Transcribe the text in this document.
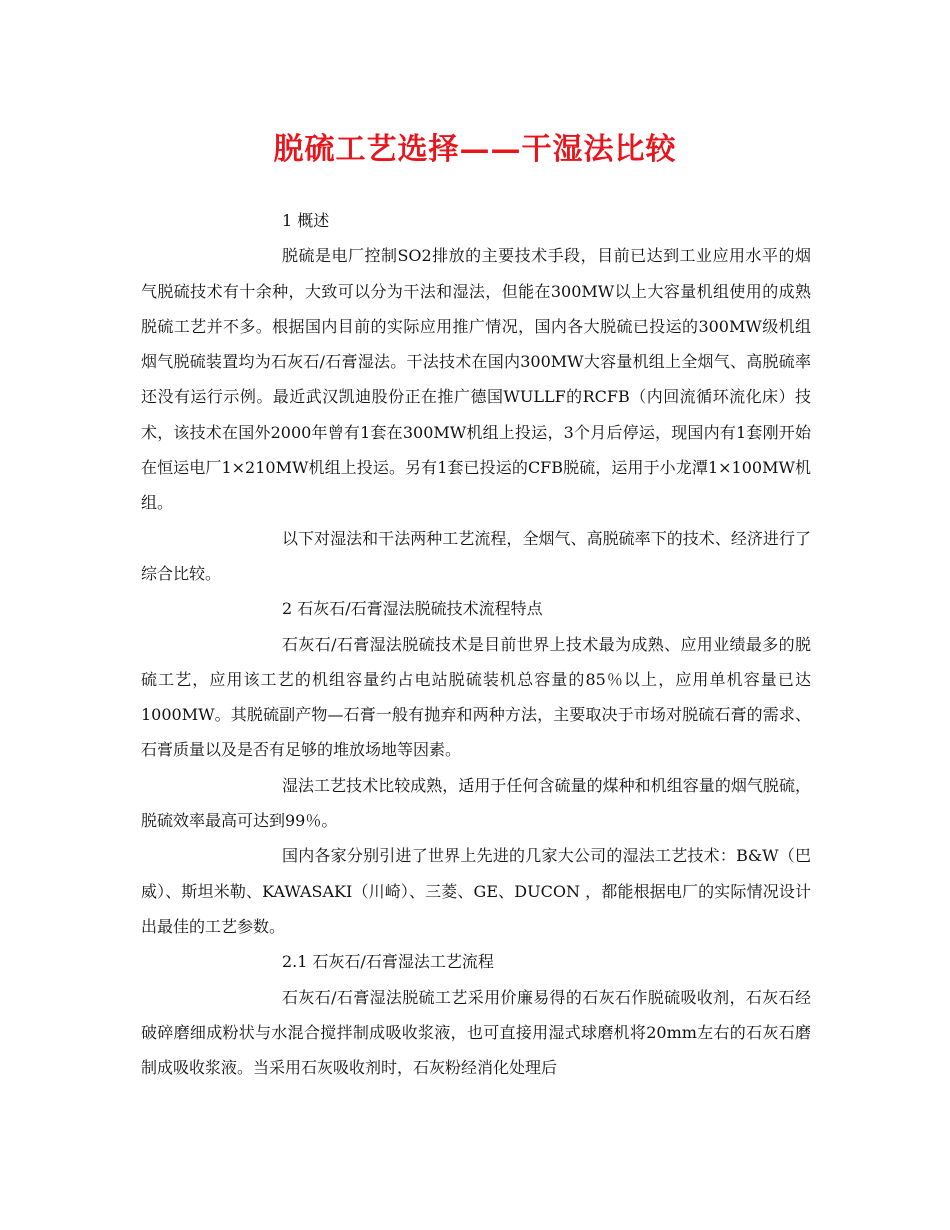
脱硫工艺选择——干湿法比较

1 概述

脱硫是电厂控制SO2排放的主要技术手段，目前已达到工业应用水平的烟气脱硫技术有十余种，大致可以分为干法和湿法，但能在300MW以上大容量机组使用的成熟脱硫工艺并不多。根据国内目前的实际应用推广情况，国内各大脱硫已投运的300MW级机组烟气脱硫装置均为石灰石/石膏湿法。干法技术在国内300MW大容量机组上全烟气、高脱硫率还没有运行示例。最近武汉凯迪股份正在推广德国WULLF的RCFB（内回流循环流化床）技术，该技术在国外2000年曾有1套在300MW机组上投运，3个月后停运，现国内有1套刚开始在恒运电厂1×210MW机组上投运。另有1套已投运的CFB脱硫，运用于小龙潭1×100MW机组。

以下对湿法和干法两种工艺流程，全烟气、高脱硫率下的技术、经济进行了综合比较。

2 石灰石/石膏湿法脱硫技术流程特点

石灰石/石膏湿法脱硫技术是目前世界上技术最为成熟、应用业绩最多的脱硫工艺，应用该工艺的机组容量约占电站脱硫装机总容量的85％以上，应用单机容量已达1000MW。其脱硫副产物—石膏一般有抛弃和两种方法，主要取决于市场对脱硫石膏的需求、石膏质量以及是否有足够的堆放场地等因素。

湿法工艺技术比较成熟，适用于任何含硫量的煤种和机组容量的烟气脱硫，脱硫效率最高可达到99％。

国内各家分别引进了世界上先进的几家大公司的湿法工艺技术：B&W（巴威）、斯坦米勒、KAWASAKI（川崎）、三菱、GE、DUCON ，都能根据电厂的实际情况设计出最佳的工艺参数。

2.1 石灰石/石膏湿法工艺流程

石灰石/石膏湿法脱硫工艺采用价廉易得的石灰石作脱硫吸收剂，石灰石经破碎磨细成粉状与水混合搅拌制成吸收浆液，也可直接用湿式球磨机将20mm左右的石灰石磨制成吸收浆液。当采用石灰吸收剂时，石灰粉经消化处理后
